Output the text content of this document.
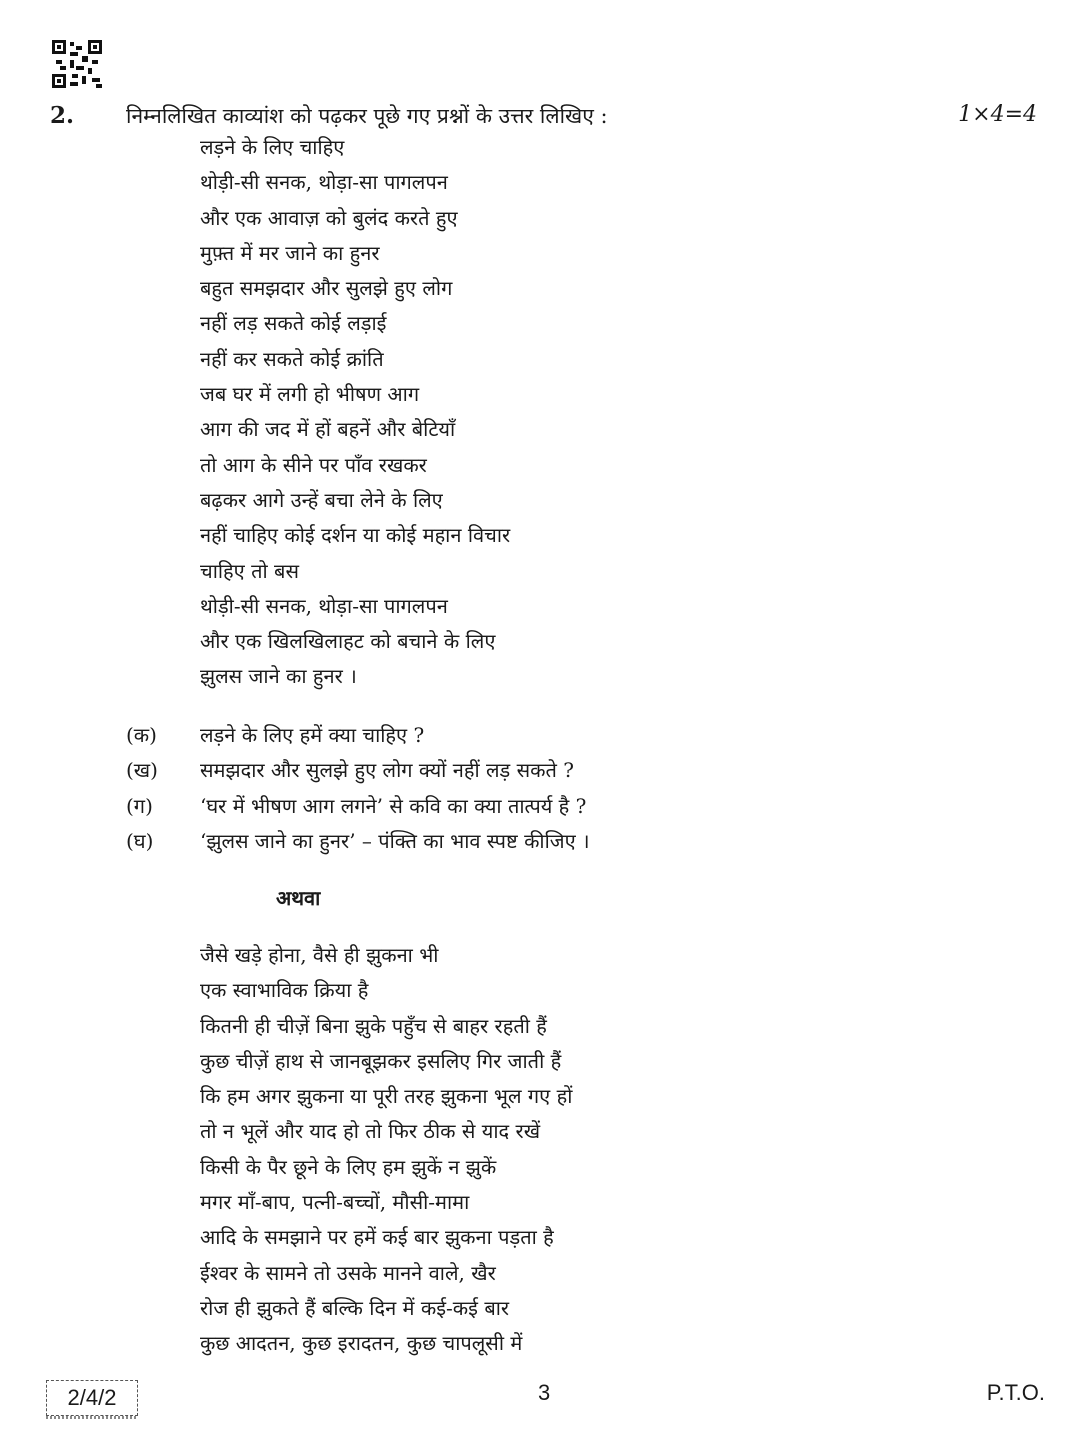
2. निम्नलिखित काव्यांश को पढ़कर पूछे गए प्रश्नों के उत्तर लिखिए :	1×4=4
लड़ने के लिए चाहिए
थोड़ी-सी सनक, थोड़ा-सा पागलपन
और एक आवाज़ को बुलंद करते हुए
मुफ़्त में मर जाने का हुनर
बहुत समझदार और सुलझे हुए लोग
नहीं लड़ सकते कोई लड़ाई
नहीं कर सकते कोई क्रांति
जब घर में लगी हो भीषण आग
आग की जद में हों बहनें और बेटियाँ
तो आग के सीने पर पाँव रखकर
बढ़कर आगे उन्हें बचा लेने के लिए
नहीं चाहिए कोई दर्शन या कोई महान विचार
चाहिए तो बस
थोड़ी-सी सनक, थोड़ा-सा पागलपन
और एक खिलखिलाहट को बचाने के लिए
झुलस जाने का हुनर ।
(क)	लड़ने के लिए हमें क्या चाहिए ?
(ख)	समझदार और सुलझे हुए लोग क्यों नहीं लड़ सकते ?
(ग)	‘घर में भीषण आग लगने’ से कवि का क्या तात्पर्य है ?
(घ)	‘झुलस जाने का हुनर’ – पंक्ति का भाव स्पष्ट कीजिए ।
अथवा
जैसे खड़े होना, वैसे ही झुकना भी
एक स्वाभाविक क्रिया है
कितनी ही चीज़ें बिना झुके पहुँच से बाहर रहती हैं
कुछ चीज़ें हाथ से जानबूझकर इसलिए गिर जाती हैं
कि हम अगर झुकना या पूरी तरह झुकना भूल गए हों
तो न भूलें और याद हो तो फिर ठीक से याद रखें
किसी के पैर छूने के लिए हम झुकें न झुकें
मगर माँ-बाप, पत्नी-बच्चों, मौसी-मामा
आदि के समझाने पर हमें कई बार झुकना पड़ता है
ईश्वर के सामने तो उसके मानने वाले, खैर
रोज ही झुकते हैं बल्कि दिन में कई-कई बार
कुछ आदतन, कुछ इरादतन, कुछ चापलूसी में
2/4/2	3	P.T.O.
